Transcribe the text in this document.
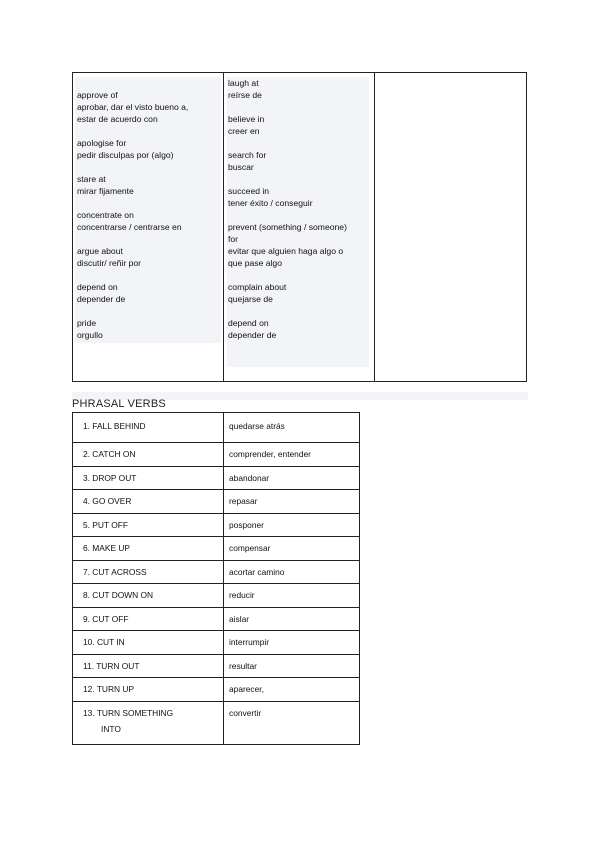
approve of
aprobar, dar el visto bueno a,
estar de acuerdo con
apologise for
pedir disculpas por (algo)
stare at
mirar fijamente
concentrate on
concentrarse / centrarse en
argue about
discutir/ reñir por
depend on
depender de
pride
orgullo
laugh at
reírse de
believe in
creer en
search for
buscar
succeed in
tener éxito / conseguir
prevent (something / someone)
for
evitar que alguien haga algo o
que pase algo
complain about
quejarse de
depend on
depender de
PHRASAL VERBS
1. FALL BEHIND	quedarse atrás
2. CATCH ON	comprender, entender
3. DROP OUT	abandonar
4. GO OVER	repasar
5. PUT OFF	posponer
6. MAKE UP	compensar
7. CUT ACROSS	acortar camino
8. CUT DOWN ON	reducir
9. CUT OFF	aislar
10. CUT IN	interrumpir
11. TURN OUT	resultar
12. TURN UP	aparecer,
13. TURN SOMETHING
INTO	convertir
